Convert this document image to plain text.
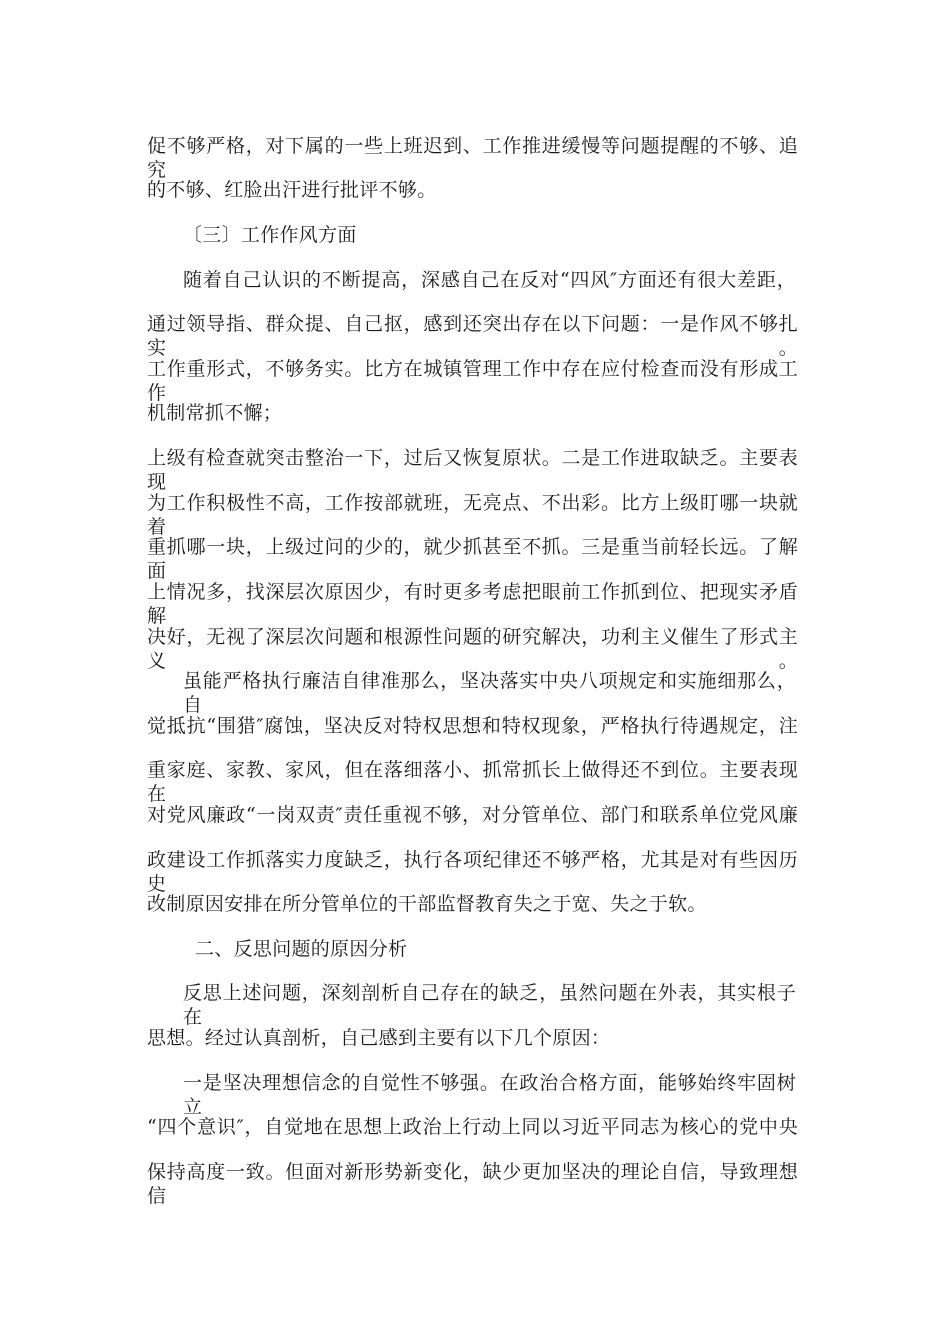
促不够严格，对下属的一些上班迟到、工作推进缓慢等问题提醒的不够、追究
的不够、红脸出汗进行批评不够。
〔三〕工作作风方面
随着自己认识的不断提高，深感自己在反对“四风″方面还有很大差距，
通过领导指、群众提、自己抠，感到还突出存在以下问题：一是作风不够扎实。
工作重形式，不够务实。比方在城镇管理工作中存在应付检查而没有形成工作
机制常抓不懈；
上级有检查就突击整治一下，过后又恢复原状。二是工作进取缺乏。主要表现
为工作积极性不高，工作按部就班，无亮点、不出彩。比方上级盯哪一块就着
重抓哪一块，上级过问的少的，就少抓甚至不抓。三是重当前轻长远。了解面
上情况多，找深层次原因少，有时更多考虑把眼前工作抓到位、把现实矛盾解
决好，无视了深层次问题和根源性问题的研究解决，功利主义催生了形式主义。
虽能严格执行廉洁自律准那么，坚决落实中央八项规定和实施细那么，自
觉抵抗“围猎″腐蚀，坚决反对特权思想和特权现象，严格执行待遇规定，注
重家庭、家教、家风，但在落细落小、抓常抓长上做得还不到位。主要表现在
对党风廉政“一岗双责″责任重视不够，对分管单位、部门和联系单位党风廉
政建设工作抓落实力度缺乏，执行各项纪律还不够严格，尤其是对有些因历史
改制原因安排在所分管单位的干部监督教育失之于宽、失之于软。
二、反思问题的原因分析
反思上述问题，深刻剖析自己存在的缺乏，虽然问题在外表，其实根子在
思想。经过认真剖析，自己感到主要有以下几个原因：
一是坚决理想信念的自觉性不够强。在政治合格方面，能够始终牢固树立
“四个意识″，自觉地在思想上政治上行动上同以习近平同志为核心的党中央
保持高度一致。但面对新形势新变化，缺少更加坚决的理论自信，导致理想信
